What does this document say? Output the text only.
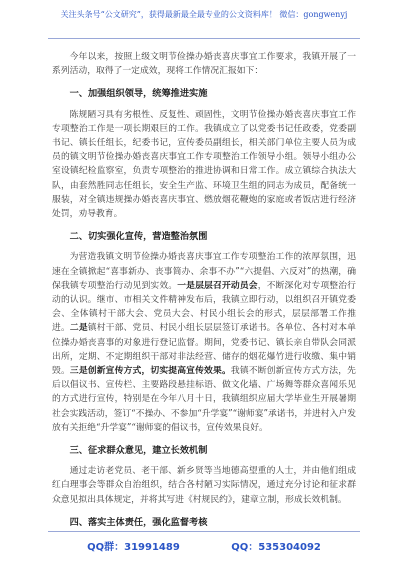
关注头条号“公文研究”，获得最新最全最专业的公文资料库！ 微信：gongwenyj

今年以来，按照上级文明节俭操办婚丧喜庆事宜工作要求，我镇开展了一系列活动，取得了一定成效，现将工作情况汇报如下：

一、加强组织领导，统筹推进实施

陈规陋习具有劣根性、反复性、顽固性，文明节俭操办婚丧喜庆事宜工作专项整治工作是一项长期艰巨的工作。我镇成立了以党委书记任政委，党委副书记、镇长任组长，纪委书记，宣传委员副组长，相关部门单位主要人员为成员的镇文明节俭操办婚丧喜庆事宜工作专项整治工作领导小组。领导小组办公室设镇纪检监察室，负责专项整治的推进协调和日常工作。成立镇综合执法大队，由套然胜同志任组长，安全生产监、环境卫生组的同志为成员，配备统一服装，对全镇违规操办婚丧喜庆事宜、燃放烟花鞭炮的家庭或者饭店进行经济处罚，劝导教育。

二、切实强化宣传，营造整治氛围

为营造我镇文明节俭操办婚丧喜庆事宜工作专项整治工作的浓厚氛围，迅速在全镇掀起“喜事新办、丧事简办、余事不办”“六提倡、六反对”的热潮，确保我镇专项整治行动见到实效。一是层层召开动员会，不断深化对专项整治行动的认识。继市、市相关文件精神发布后，我镇立即行动，以组织召开镇党委会、全体镇村干部大会、党员大会、村民小组长会的形式，层层部署工作推进。二是镇村干部、党员、村民小组长层层签订承诺书。各单位、各村对本单位操办婚丧喜事的对象进行登记监督。期间，党委书记、镇长亲自带队会同派出所，定期、不定期组织干部对非法经营、储存的烟花爆竹进行收缴、集中销毁。三是创新宣传方式，切实提高宣传效果。我镇不断创新宣传方式方法，先后以倡议书、宣传栏、主要路段悬挂标语、做文化墙、广场舞等群众喜闻乐见的方式进行宣传，特别是在今年八月十日，我镇组织应届大学毕业生开展暑期社会实践活动，签订“不操办、不参加“升学宴”“谢师宴”承诺书，并进村入户发放有关拒绝“升学宴”“谢师宴的倡议书，宣传效果良好。

三、征求群众意见，建立长效机制

通过走访老党员、老干部、新乡贤等当地德高望重的人士，并由他们组成红白理事会等群众自治组织，结合各村陋习实际情况，通过充分讨论和征求群众意见拟出具体规定，并将其写进《村规民约》，建章立制，形成长效机制。

四、落实主体责任，强化监督考核

QQ群：31991489	QQ：535304092
